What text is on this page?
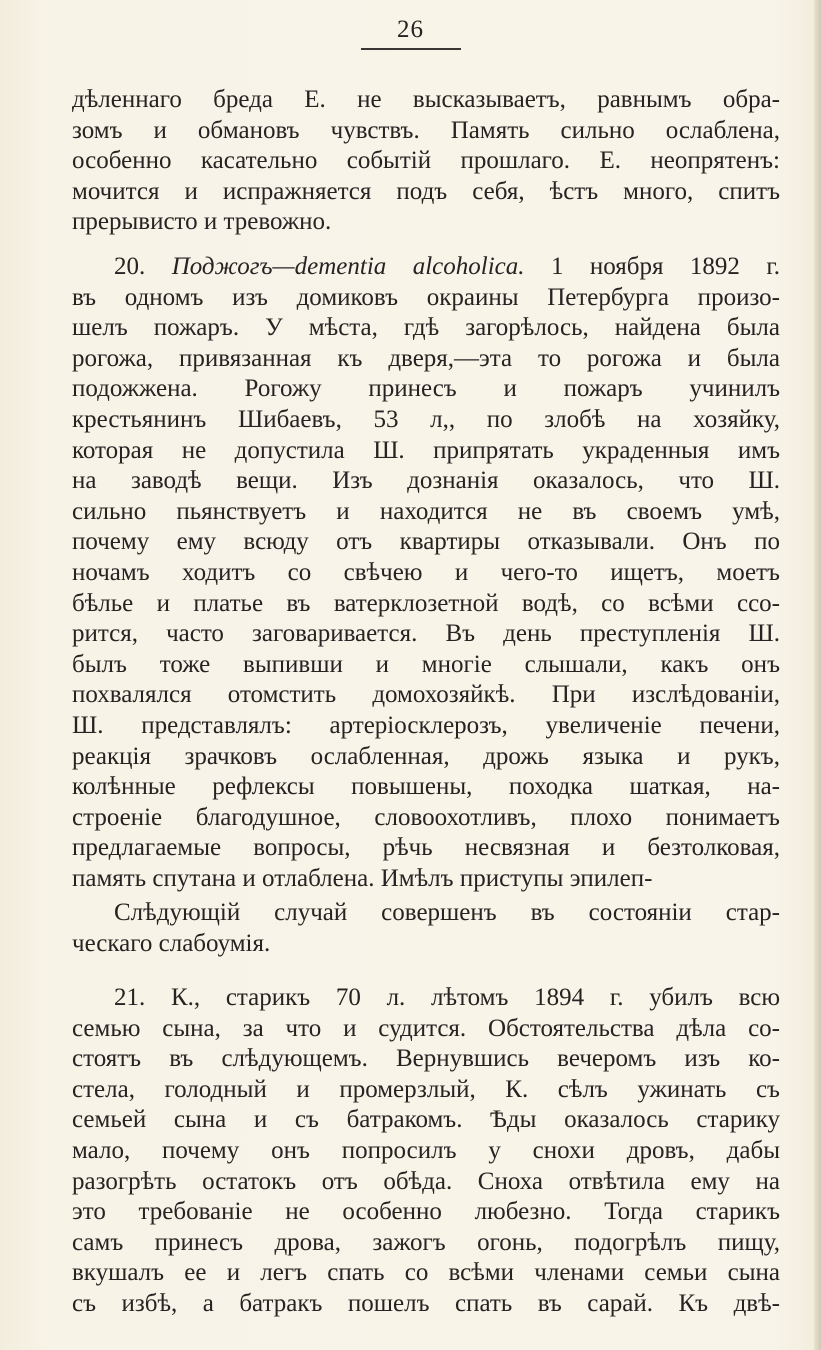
26
дѣленнаго бреда Е. не высказываетъ, равнымъ обра-
зомъ и обмановъ чувствъ. Память сильно ослаблена,
особенно касательно событій прошлаго. Е. неопрятенъ:
мочится и испражняется подъ себя, ѣстъ много, спитъ
прерывисто и тревожно.
20. Поджогъ—dementia alcoholica. 1 ноября 1892 г.
въ одномъ изъ домиковъ окраины Петербурга произо-
шелъ пожаръ. У мѣста, гдѣ загорѣлось, найдена была
рогожа, привязанная къ дверя,—эта то рогожа и была
подожжена. Рогожу принесъ и пожаръ учинилъ
крестьянинъ Шибаевъ, 53 л,, по злобѣ на хозяйку,
которая не допустила Ш. припрятать украденныя имъ
на заводѣ вещи. Изъ дознанія оказалось, что Ш.
сильно пьянствуетъ и находится не въ своемъ умѣ,
почему ему всюду отъ квартиры отказывали. Онъ по
ночамъ ходитъ со свѣчею и чего-то ищетъ, моетъ
бѣлье и платье въ ватерклозетной водѣ, со всѣми ссо-
рится, часто заговаривается. Въ день преступленія Ш.
былъ тоже выпивши и многіе слышали, какъ онъ
похвалялся отомстить домохозяйкѣ. При изслѣдованіи,
Ш. представлялъ: артеріосклерозъ, увеличеніе печени,
реакція зрачковъ ослабленная, дрожь языка и рукъ,
колѣнные рефлексы повышены, походка шаткая, на-
строеніе благодушное, словоохотливъ, плохо понимаетъ
предлагаемые вопросы, рѣчь несвязная и безтолковая,
память спутана и отлаблена. Имѣлъ приступы эпилеп-
Слѣдующій случай совершенъ въ состояніи стар-
ческаго слабоумія.
21. К., старикъ 70 л. лѣтомъ 1894 г. убилъ всю
семью сына, за что и судится. Обстоятельства дѣла со-
стоятъ въ слѣдующемъ. Вернувшись вечеромъ изъ ко-
стела, голодный и промерзлый, К. сѣлъ ужинать съ
семьей сына и съ батракомъ. Ѣды оказалось старику
мало, почему онъ попросилъ у снохи дровъ, дабы
разогрѣть остатокъ отъ обѣда. Сноха отвѣтила ему на
это требованіе не особенно любезно. Тогда старикъ
самъ принесъ дрова, зажогъ огонь, подогрѣлъ пищу,
вкушалъ ее и легъ спать со всѣми членами семьи сына
съ избѣ, а батракъ пошелъ спать въ сарай. Къ двѣ-
